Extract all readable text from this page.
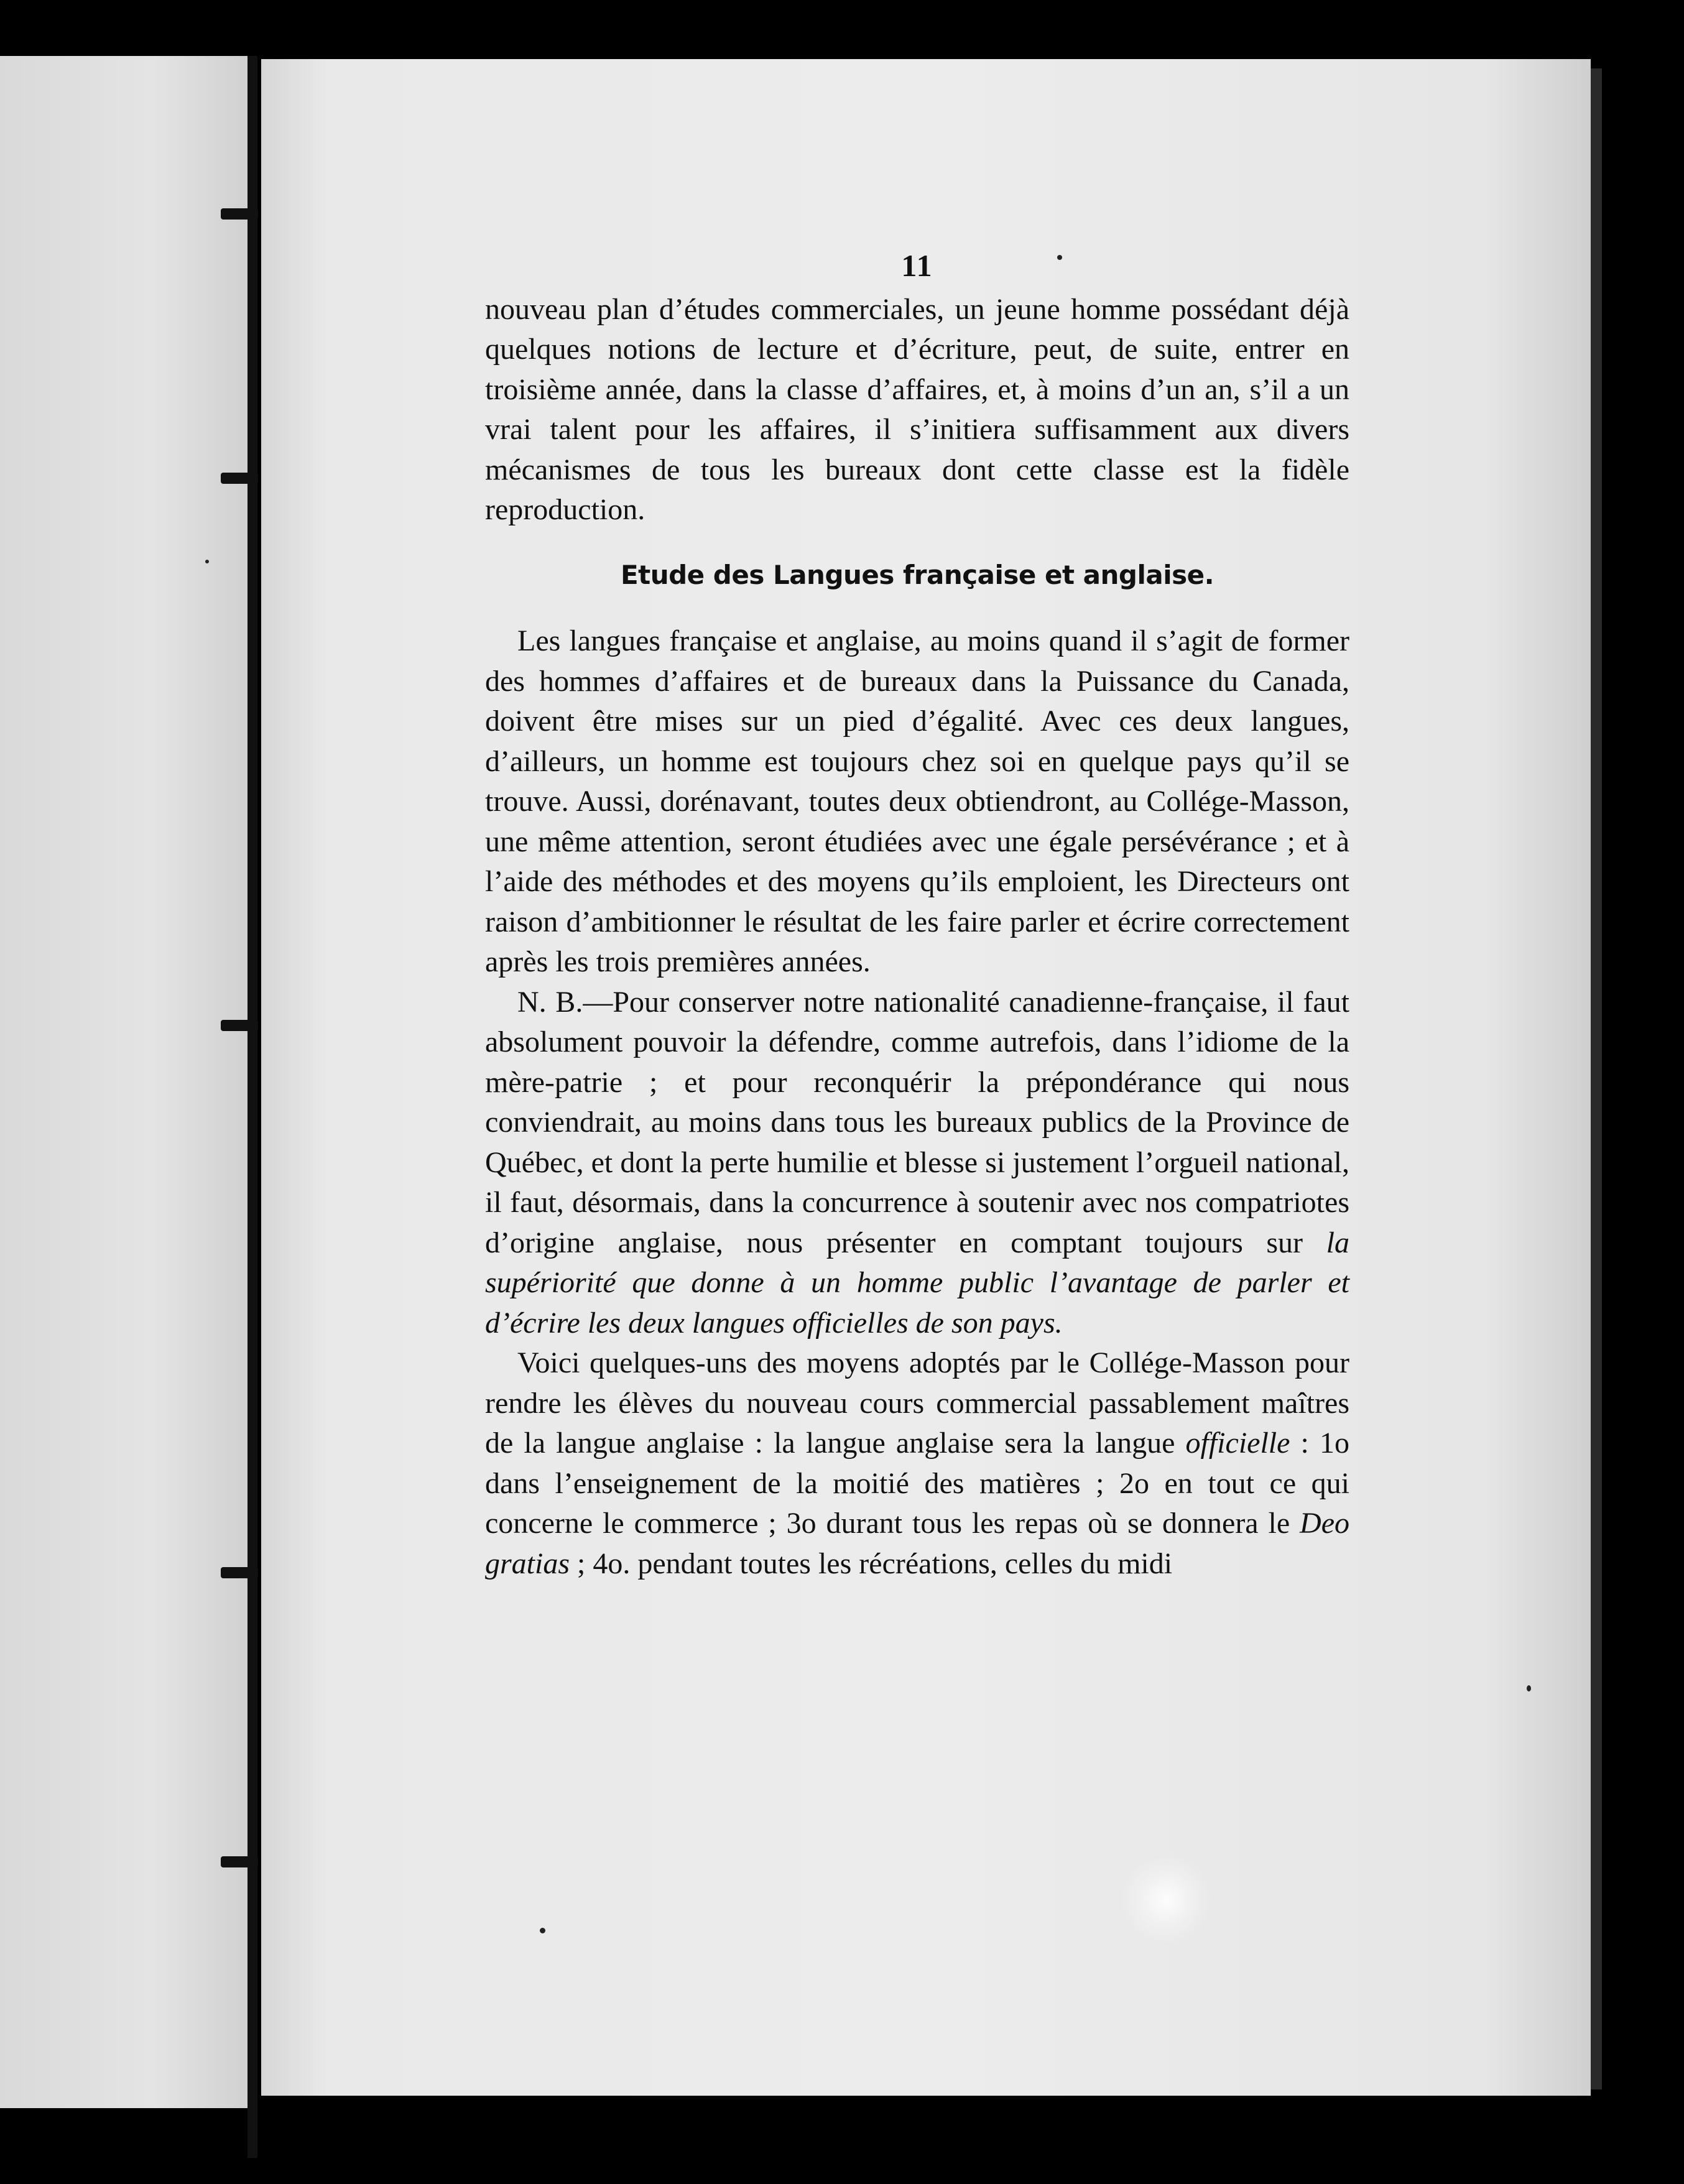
11

nouveau plan d’études commerciales, un jeune homme possédant déjà quelques notions de lecture et d’écriture, peut, de suite, entrer en troisième année, dans la classe d’affaires, et, à moins d’un an, s’il a un vrai talent pour les affaires, il s’initiera suffisamment aux divers mécanismes de tous les bureaux dont cette classe est la fidèle reproduction.

Etude des Langues française et anglaise.

Les langues française et anglaise, au moins quand il s’agit de former des hommes d’affaires et de bureaux dans la Puissance du Canada, doivent être mises sur un pied d’égalité. Avec ces deux langues, d’ailleurs, un homme est toujours chez soi en quelque pays qu’il se trouve. Aussi, dorénavant, toutes deux obtiendront, au Collége-Masson, une même attention, seront étudiées avec une égale persévérance ; et à l’aide des méthodes et des moyens qu’ils emploient, les Directeurs ont raison d’ambitionner le résultat de les faire parler et écrire correctement après les trois premières années.

N. B.—Pour conserver notre nationalité canadienne-française, il faut absolument pouvoir la défendre, comme autrefois, dans l’idiome de la mère-patrie ; et pour reconquérir la prépondérance qui nous conviendrait, au moins dans tous les bureaux publics de la Province de Québec, et dont la perte humilie et blesse si justement l’orgueil national, il faut, désormais, dans la concurrence à soutenir avec nos compatriotes d’origine anglaise, nous présenter en comptant toujours sur la supériorité que donne à un homme public l’avantage de parler et d’écrire les deux langues officielles de son pays.

Voici quelques-uns des moyens adoptés par le Collége-Masson pour rendre les élèves du nouveau cours commercial passablement maîtres de la langue anglaise : la langue anglaise sera la langue officielle : 1o dans l’enseignement de la moitié des matières ; 2o en tout ce qui concerne le commerce ; 3o durant tous les repas où se donnera le Deo gratias ; 4o. pendant toutes les récréations, celles du midi
